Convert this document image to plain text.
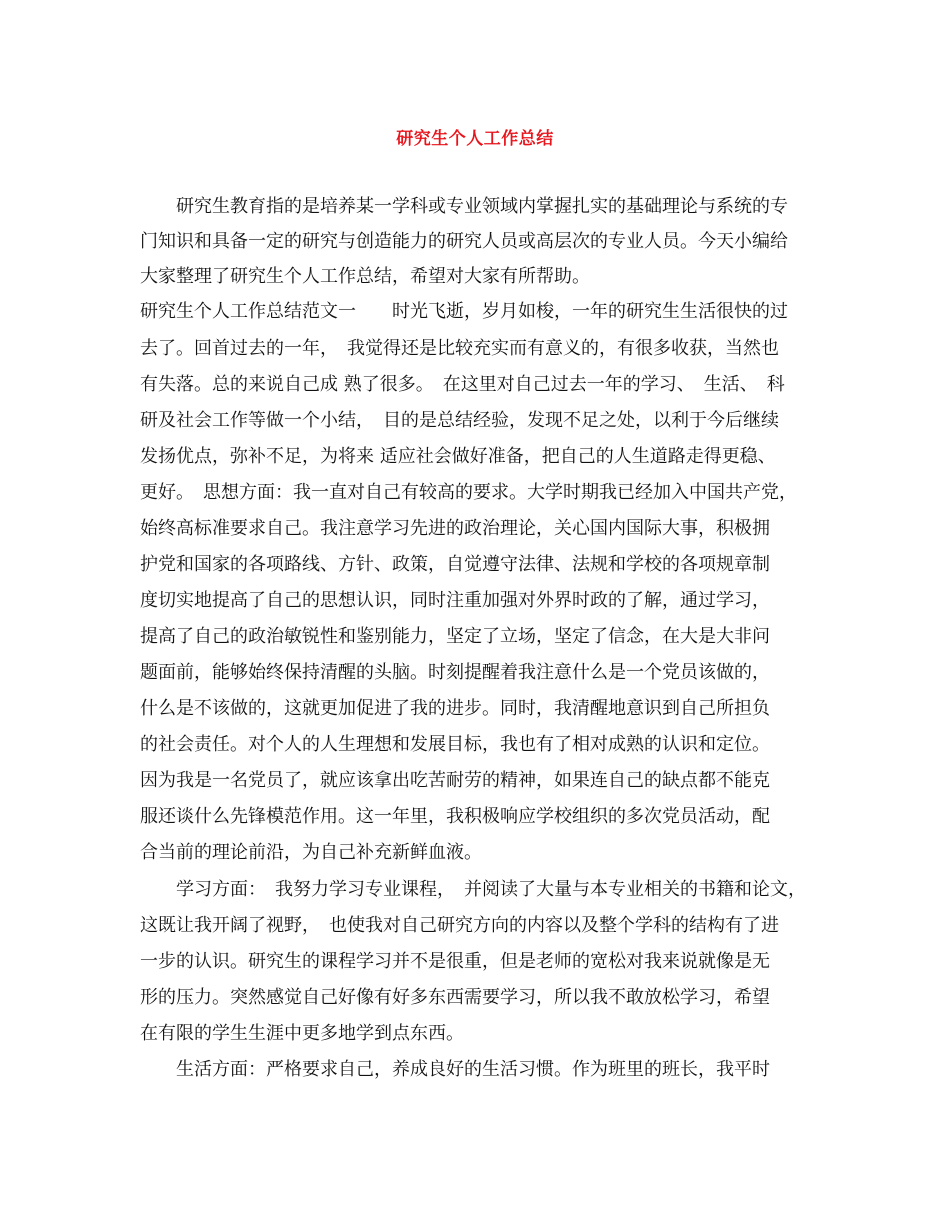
研究生个人工作总结
　　研究生教育指的是培养某一学科或专业领域内掌握扎实的基础理论与系统的专
门知识和具备一定的研究与创造能力的研究人员或高层次的专业人员。今天小编给
大家整理了研究生个人工作总结，希望对大家有所帮助。
研究生个人工作总结范文一　　时光飞逝，岁月如梭，一年的研究生生活很快的过
去了。回首过去的一年，　我觉得还是比较充实而有意义的，有很多收获，当然也
有失落。总的来说自己成 熟了很多。　在这里对自己过去一年的学习、　生活、　科
研及社会工作等做一个小结，　目的是总结经验，发现不足之处，以利于今后继续
发扬优点，弥补不足，为将来 适应社会做好准备，把自己的人生道路走得更稳、
更好。　思想方面：我一直对自己有较高的要求。大学时期我已经加入中国共产党，
始终高标准要求自己。我注意学习先进的政治理论，关心国内国际大事，积极拥
护党和国家的各项路线、方针、政策，自觉遵守法律、法规和学校的各项规章制
度切实地提高了自己的思想认识，同时注重加强对外界时政的了解，通过学习，
提高了自己的政治敏锐性和鉴别能力，坚定了立场，坚定了信念，在大是大非问
题面前，能够始终保持清醒的头脑。时刻提醒着我注意什么是一个党员该做的，
什么是不该做的，这就更加促进了我的进步。同时，我清醒地意识到自己所担负
的社会责任。对个人的人生理想和发展目标，我也有了相对成熟的认识和定位。
因为我是一名党员了，就应该拿出吃苦耐劳的精神，如果连自己的缺点都不能克
服还谈什么先锋模范作用。这一年里，我积极响应学校组织的多次党员活动，配
合当前的理论前沿，为自己补充新鲜血液。
　　学习方面：　我努力学习专业课程，　并阅读了大量与本专业相关的书籍和论文，
这既让我开阔了视野，　也使我对自己研究方向的内容以及整个学科的结构有了进
一步的认识。研究生的课程学习并不是很重，但是老师的宽松对我来说就像是无
形的压力。突然感觉自己好像有好多东西需要学习，所以我不敢放松学习，希望
在有限的学生生涯中更多地学到点东西。
　　生活方面：严格要求自己，养成良好的生活习惯。作为班里的班长，我平时
